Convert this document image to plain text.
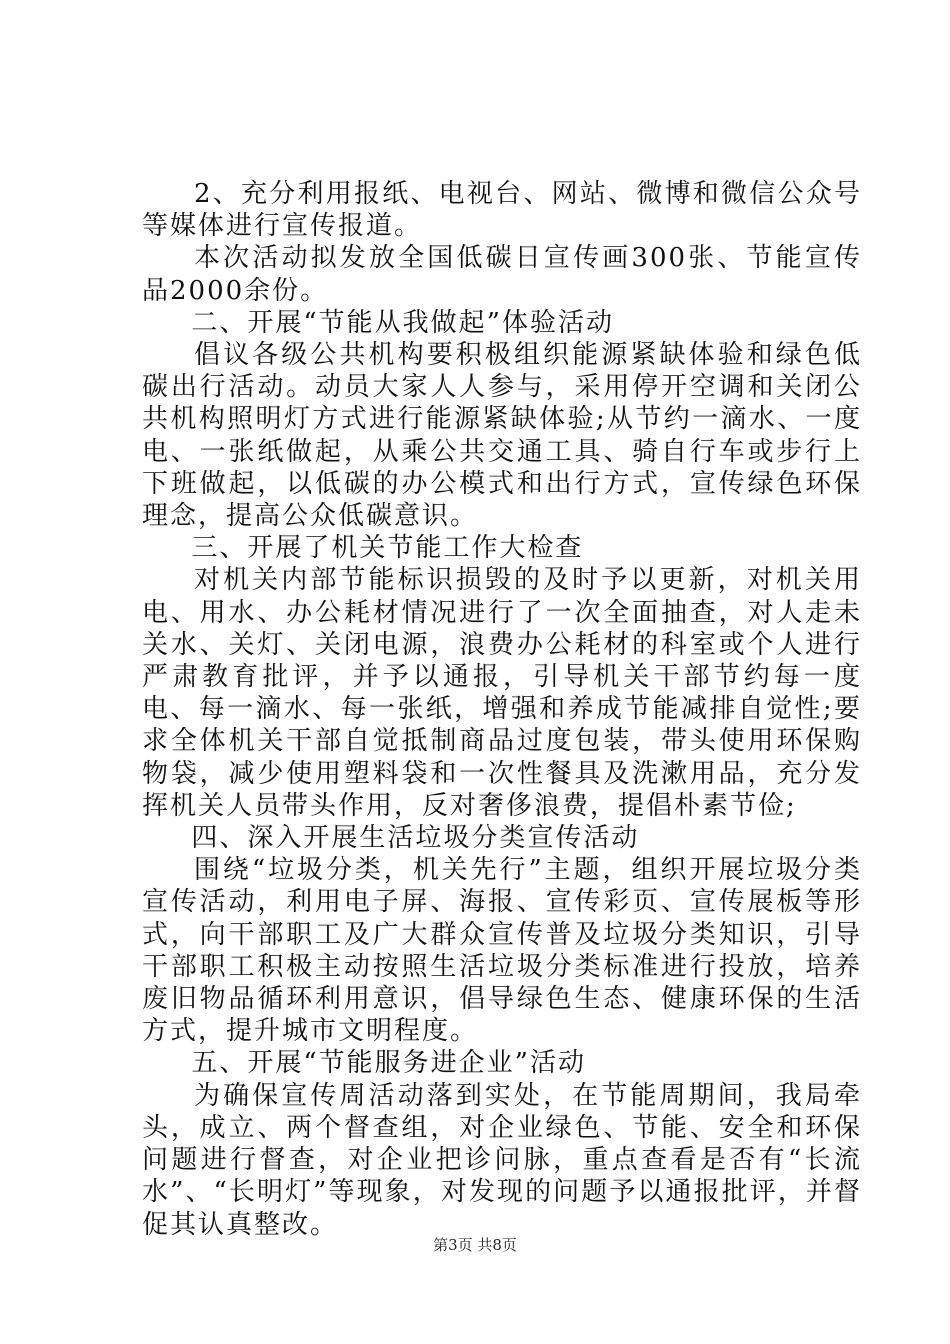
2、充分利用报纸、电视台、网站、微博和微信公众号等媒体进行宣传报道。

本次活动拟发放全国低碳日宣传画300张、节能宣传品2000余份。

二、开展“节能从我做起”体验活动

倡议各级公共机构要积极组织能源紧缺体验和绿色低碳出行活动。动员大家人人参与，采用停开空调和关闭公共机构照明灯方式进行能源紧缺体验;从节约一滴水、一度电、一张纸做起，从乘公共交通工具、骑自行车或步行上下班做起，以低碳的办公模式和出行方式，宣传绿色环保理念，提高公众低碳意识。

三、开展了机关节能工作大检查

对机关内部节能标识损毁的及时予以更新，对机关用电、用水、办公耗材情况进行了一次全面抽查，对人走未关水、关灯、关闭电源，浪费办公耗材的科室或个人进行严肃教育批评，并予以通报，引导机关干部节约每一度电、每一滴水、每一张纸，增强和养成节能减排自觉性;要求全体机关干部自觉抵制商品过度包装，带头使用环保购物袋，减少使用塑料袋和一次性餐具及洗漱用品，充分发挥机关人员带头作用，反对奢侈浪费，提倡朴素节俭;

四、深入开展生活垃圾分类宣传活动

围绕“垃圾分类，机关先行”主题，组织开展垃圾分类宣传活动，利用电子屏、海报、宣传彩页、宣传展板等形式，向干部职工及广大群众宣传普及垃圾分类知识，引导干部职工积极主动按照生活垃圾分类标准进行投放，培养废旧物品循环利用意识，倡导绿色生态、健康环保的生活方式，提升城市文明程度。

五、开展“节能服务进企业”活动

为确保宣传周活动落到实处，在节能周期间，我局牵头，成立、两个督查组，对企业绿色、节能、安全和环保问题进行督查，对企业把诊问脉，重点查看是否有“长流水”、“长明灯”等现象，对发现的问题予以通报批评，并督促其认真整改。

第3页 共8页
